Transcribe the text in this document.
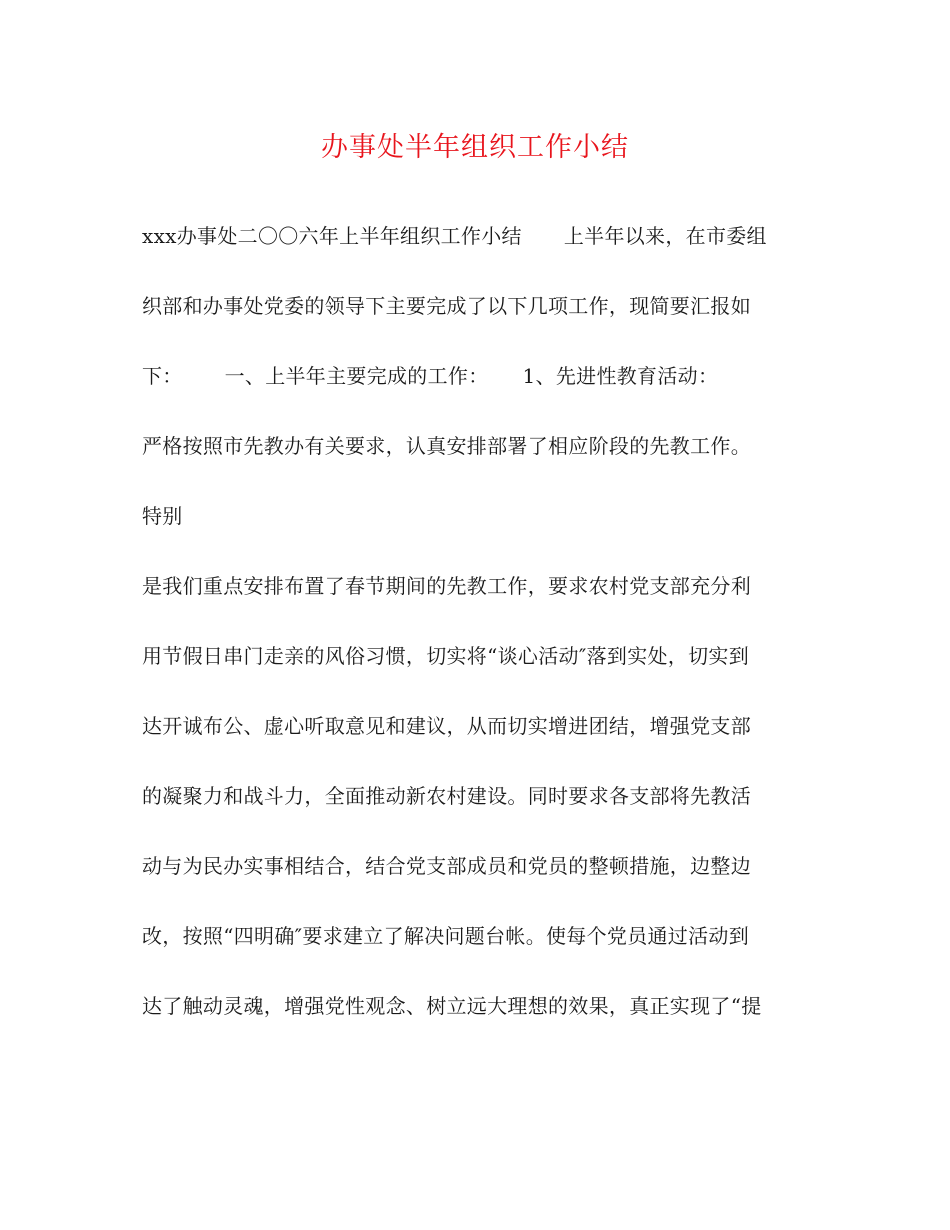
办事处半年组织工作小结
xxx办事处二〇〇六年上半年组织工作小结 上半年以来，在市委组
织部和办事处党委的领导下主要完成了以下几项工作，现简要汇报如
下： 一、上半年主要完成的工作： 1、先进性教育活动：
严格按照市先教办有关要求，认真安排部署了相应阶段的先教工作。
特别
是我们重点安排布置了春节期间的先教工作，要求农村党支部充分利
用节假日串门走亲的风俗习惯，切实将“谈心活动″落到实处，切实到
达开诚布公、虚心听取意见和建议，从而切实增进团结，增强党支部
的凝聚力和战斗力，全面推动新农村建设。同时要求各支部将先教活
动与为民办实事相结合，结合党支部成员和党员的整顿措施，边整边
改，按照“四明确″要求建立了解决问题台帐。使每个党员通过活动到
达了触动灵魂，增强党性观念、树立远大理想的效果，真正实现了“提
